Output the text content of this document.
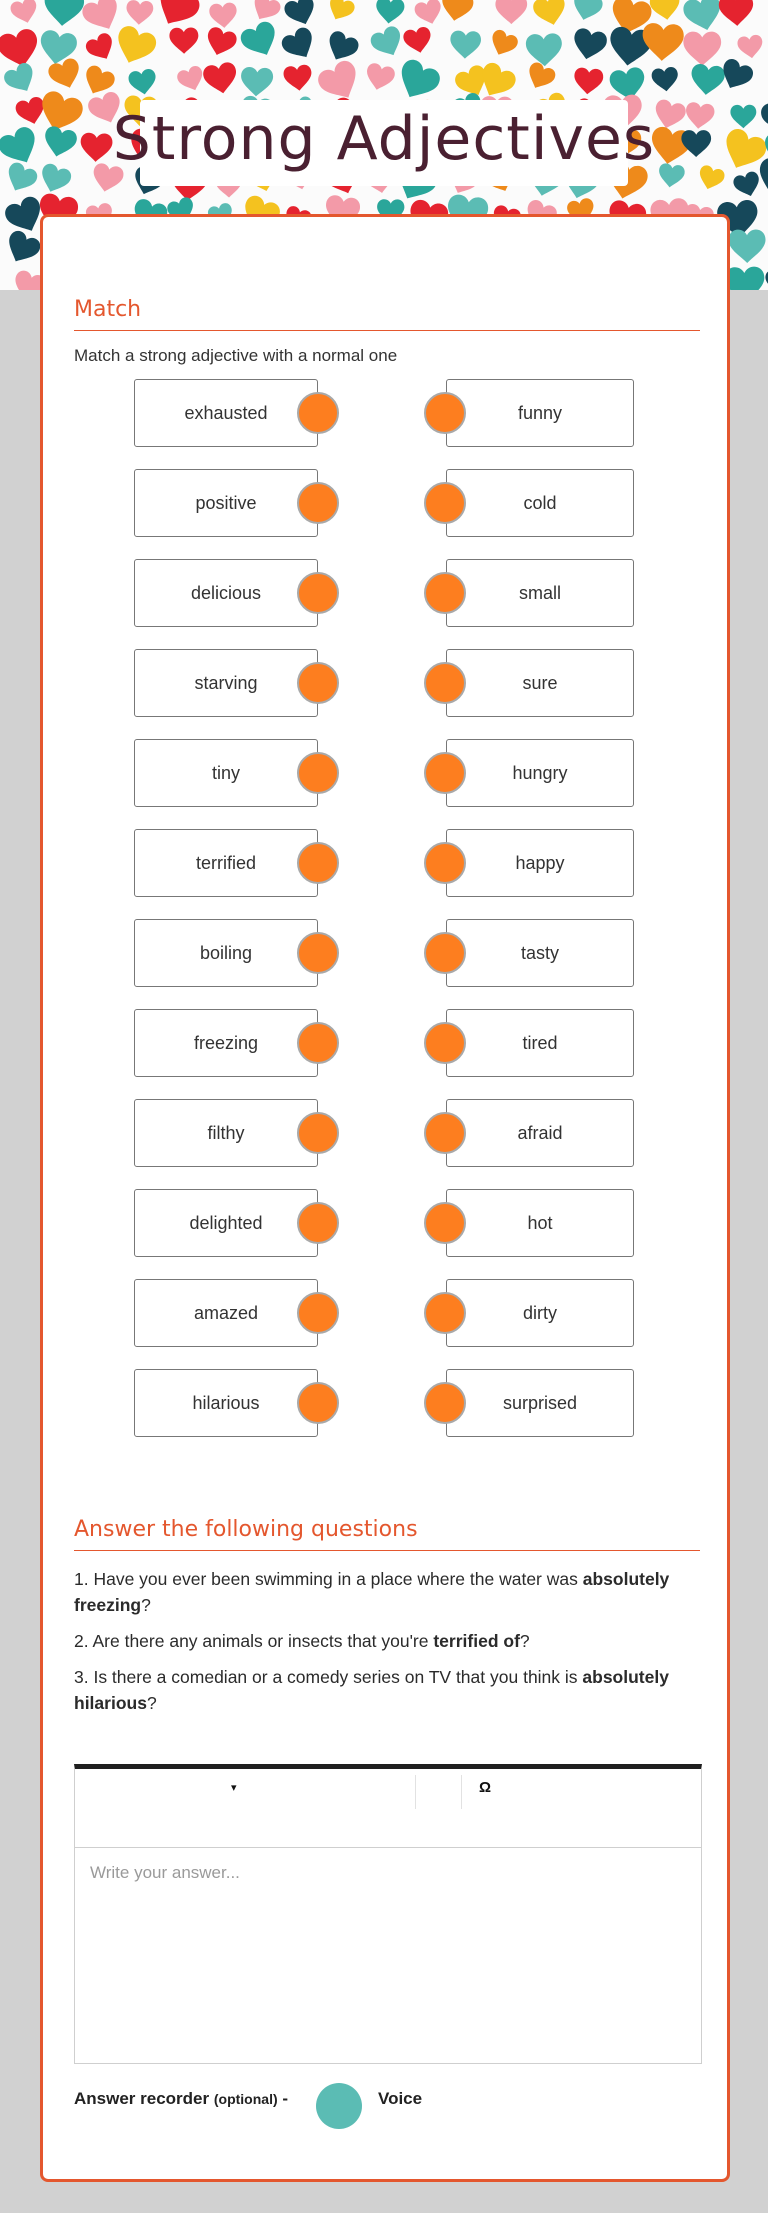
Strong Adjectives
Match
Match a strong adjective with a normal one
exhausted	funny
positive	cold
delicious	small
starving	sure
tiny	hungry
terrified	happy
boiling	tasty
freezing	tired
filthy	afraid
delighted	hot
amazed	dirty
hilarious	surprised
Answer the following questions
1. Have you ever been swimming in a place where the water was absolutely freezing?
2. Are there any animals or insects that you're terrified of?
3. Is there a comedian or a comedy series on TV that you think is absolutely hilarious?
▾	Ω
Write your answer...
Answer recorder (optional) -	Voice
